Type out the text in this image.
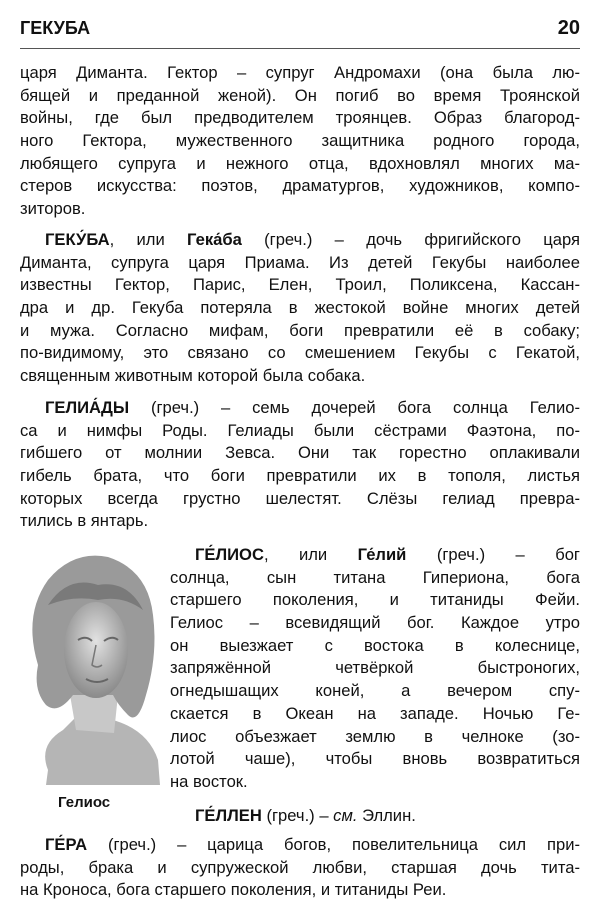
ГЕКУБА	20
царя Диманта. Гектор – супруг Андромахи (она была лю-
бящей и преданной женой). Он погиб во время Троянской
войны, где был предводителем троянцев. Образ благород-
ного Гектора, мужественного защитника родного города,
любящего супруга и нежного отца, вдохновлял многих ма-
стеров искусства: поэтов, драматургов, художников, компо-
зиторов.
ГЕКУ́БА, или Гека́ба (греч.) – дочь фригийского царя
Диманта, супруга царя Приама. Из детей Гекубы наиболее
известны Гектор, Парис, Елен, Троил, Поликсена, Кассан-
дра и др. Гекуба потеряла в жестокой войне многих детей
и мужа. Согласно мифам, боги превратили её в собаку;
по-видимому, это связано со смешением Гекубы с Гекатой,
священным животным которой была собака.
ГЕЛИА́ДЫ (греч.) – семь дочерей бога солнца Гелио-
са и нимфы Роды. Гелиады были сёстрами Фаэтона, по-
гибшего от молнии Зевса. Они так горестно оплакивали
гибель брата, что боги превратили их в тополя, листья
которых всегда грустно шелестят. Слёзы гелиад превра-
тились в янтарь.
ГЕ́ЛИОС, или Ге́лий (греч.) – бог
солнца, сын титана Гипериона, бога
старшего поколения, и титаниды Фейи.
Гелиос – всевидящий бог. Каждое утро
он выезжает с востока в колеснице,
запряжённой четвёркой быстроногих,
огнедышащих коней, а вечером спу-
скается в Океан на западе. Ночью Ге-
лиос объезжает землю в челноке (зо-
лотой чаше), чтобы вновь возвратиться
на восток.
ГЕ́ЛЛЕН (греч.) – см. Эллин.
ГЕ́РА (греч.) – царица богов, повелительница сил при-
роды, брака и супружеской любви, старшая дочь тита-
на Кроноса, бога старшего поколения, и титаниды Реи.
Гелиос
